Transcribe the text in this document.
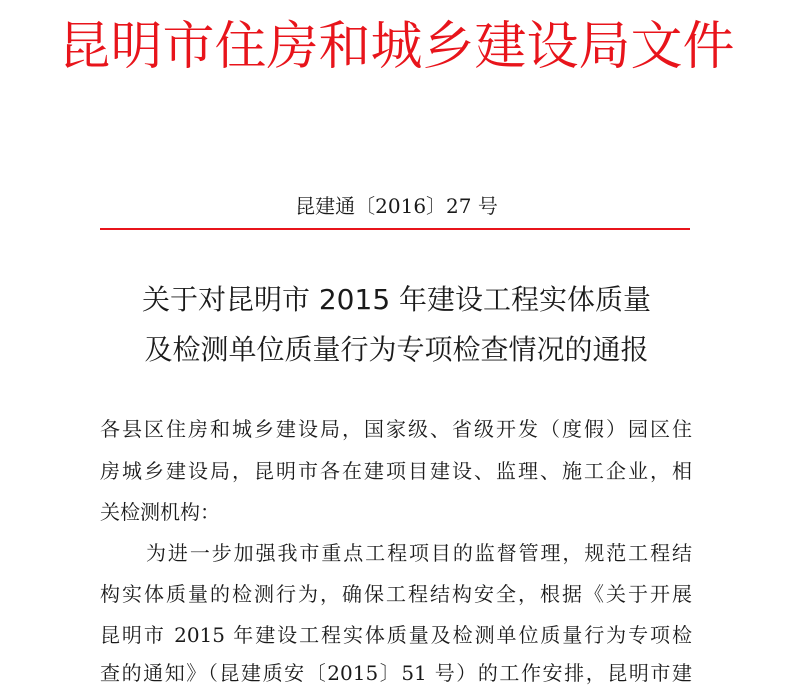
昆明市住房和城乡建设局文件
昆建通〔2016〕27 号
关于对昆明市 2015 年建设工程实体质量
及检测单位质量行为专项检查情况的通报
各县区住房和城乡建设局，国家级、省级开发（度假）园区住
房城乡建设局，昆明市各在建项目建设、监理、施工企业，相
关检测机构：
为进一步加强我市重点工程项目的监督管理，规范工程结
构实体质量的检测行为，确保工程结构安全，根据《关于开展
昆明市 2015 年建设工程实体质量及检测单位质量行为专项检
查的通知》（昆建质安〔2015〕51 号）的工作安排，昆明市建
